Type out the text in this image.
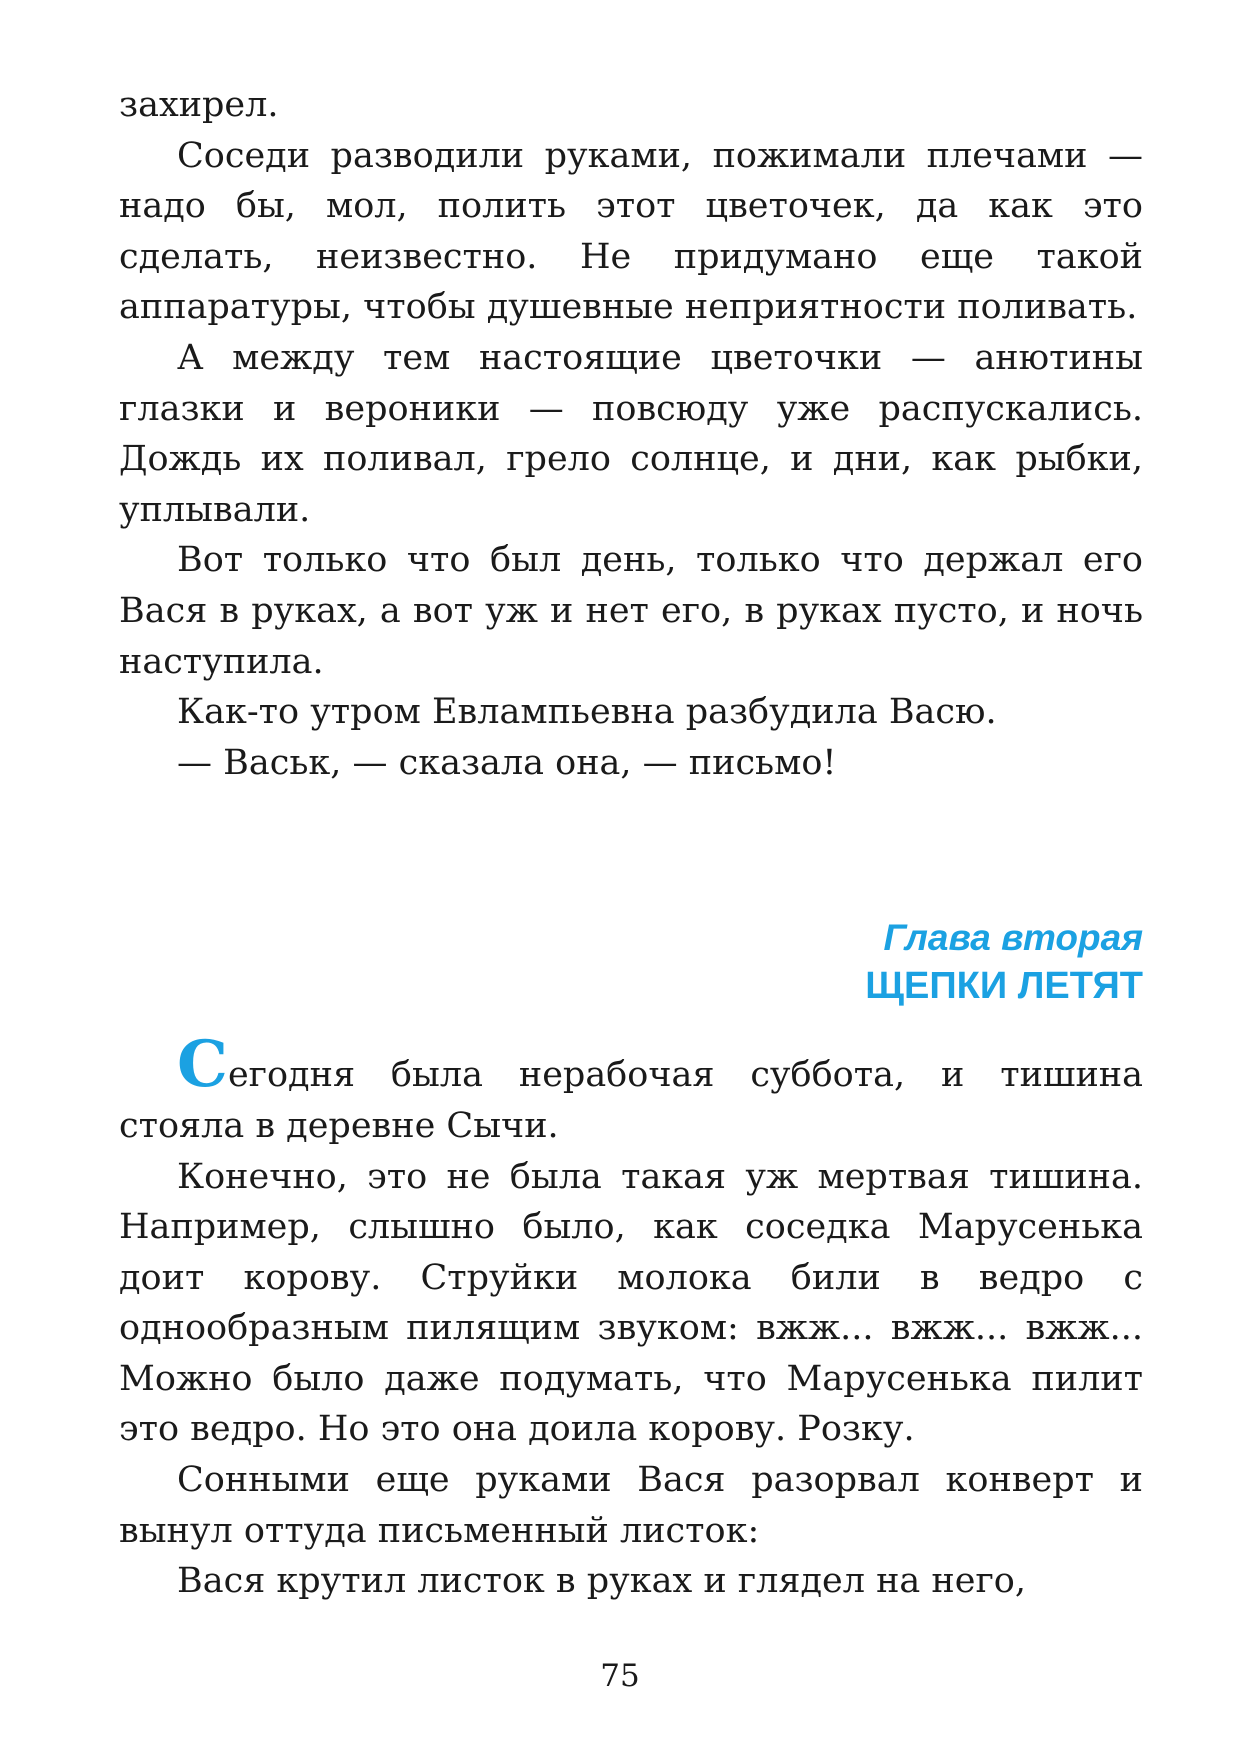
захирел.

Соседи разводили руками, пожимали плечами — надо бы, мол, полить этот цветочек, да как это сделать, неизвестно. Не придумано еще такой аппаратуры, чтобы душевные неприятности поливать.

А между тем настоящие цветочки — анютины глазки и вероники — повсюду уже распускались. Дождь их поливал, грело солнце, и дни, как рыбки, уплывали.

Вот только что был день, только что держал его Вася в руках, а вот уж и нет его, в руках пусто, и ночь наступила.

Как-то утром Евлампьевна разбудила Васю.

— Васьк, — сказала она, — письмо!

Глава вторая
ЩЕПКИ ЛЕТЯТ

Сегодня была нерабочая суббота, и тишина стояла в деревне Сычи.

Конечно, это не была такая уж мертвая тишина. Например, слышно было, как соседка Марусенька доит корову. Струйки молока били в ведро с однообразным пилящим звуком: вжж... вжж... вжж... Можно было даже подумать, что Марусенька пилит это ведро. Но это она доила корову. Розку.

Сонными еще руками Вася разорвал конверт и вынул оттуда письменный листок:

Вася крутил листок в руках и глядел на него,

75
